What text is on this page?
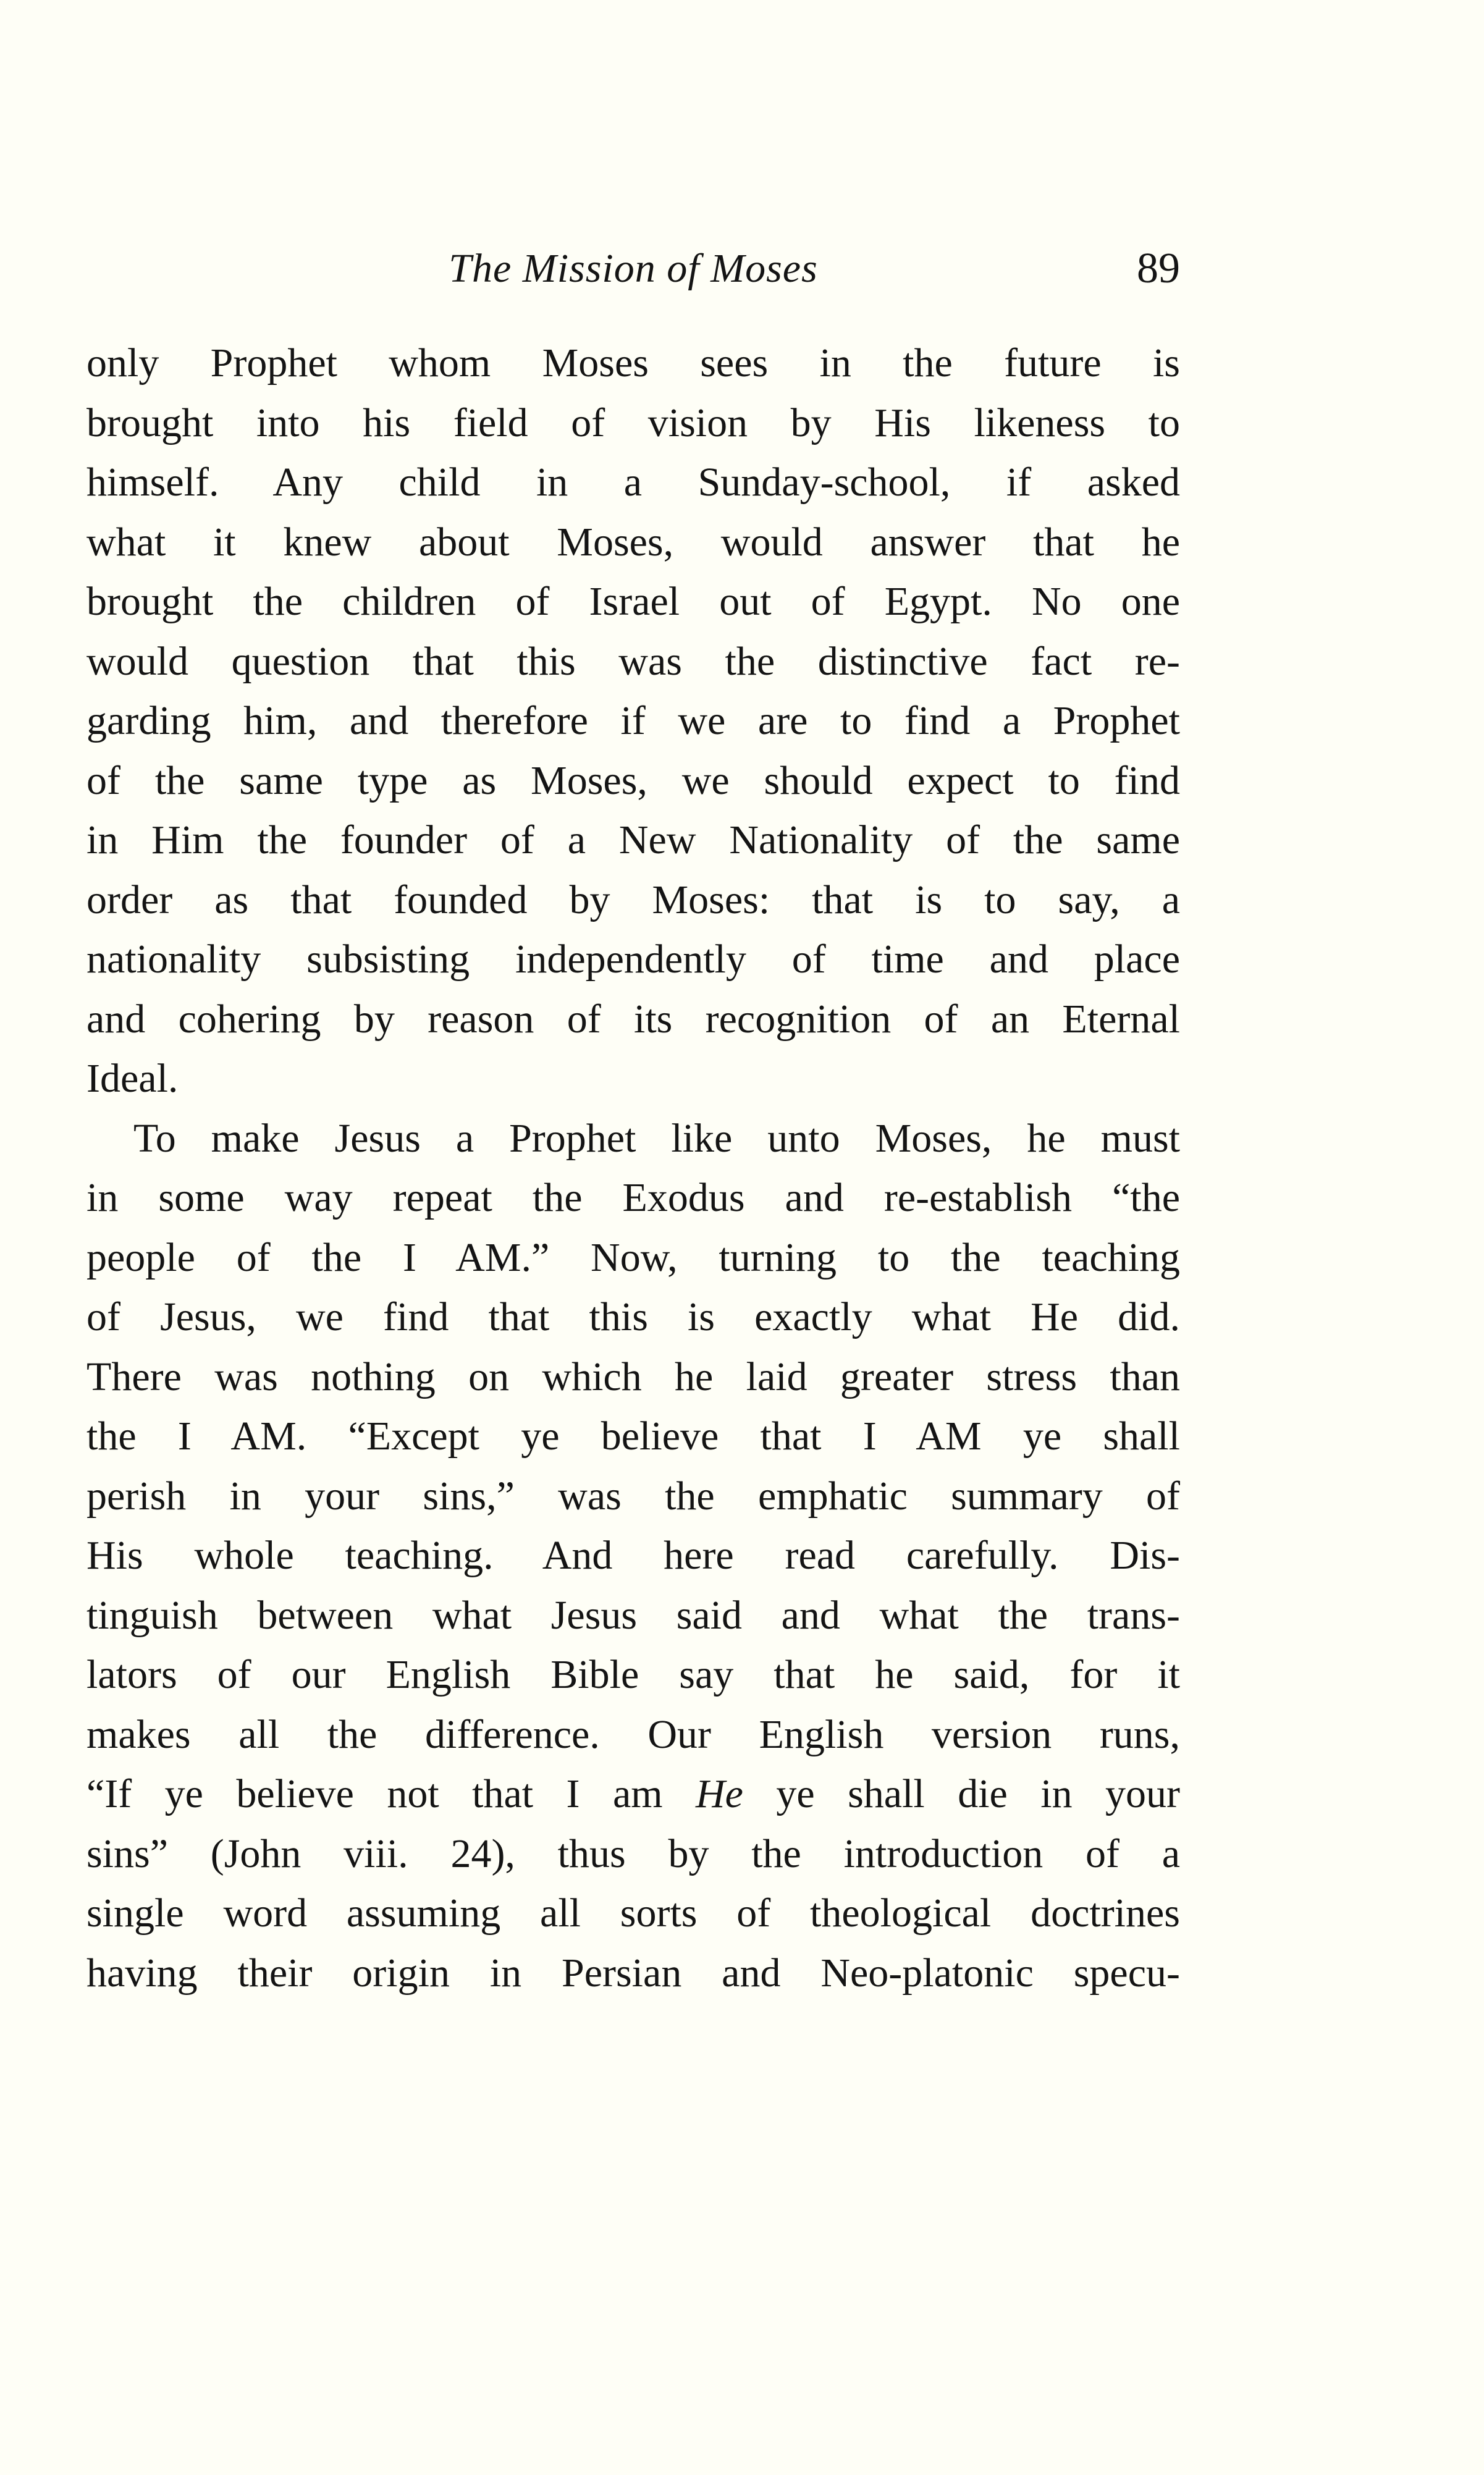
The Mission of Moses	89
only Prophet whom Moses sees in the future is
brought into his field of vision by His likeness to
himself. Any child in a Sunday-school, if asked
what it knew about Moses, would answer that he
brought the children of Israel out of Egypt. No one
would question that this was the distinctive fact re-
garding him, and therefore if we are to find a Prophet
of the same type as Moses, we should expect to find
in Him the founder of a New Nationality of the same
order as that founded by Moses: that is to say, a
nationality subsisting independently of time and place
and cohering by reason of its recognition of an Eternal
Ideal.
To make Jesus a Prophet like unto Moses, he must
in some way repeat the Exodus and re-establish “the
people of the I AM.” Now, turning to the teaching
of Jesus, we find that this is exactly what He did.
There was nothing on which he laid greater stress than
the I AM. “Except ye believe that I AM ye shall
perish in your sins,” was the emphatic summary of
His whole teaching. And here read carefully. Dis-
tinguish between what Jesus said and what the trans-
lators of our English Bible say that he said, for it
makes all the difference. Our English version runs,
“If ye believe not that I am He ye shall die in your
sins” (John viii. 24), thus by the introduction of a
single word assuming all sorts of theological doctrines
having their origin in Persian and Neo-platonic specu-
